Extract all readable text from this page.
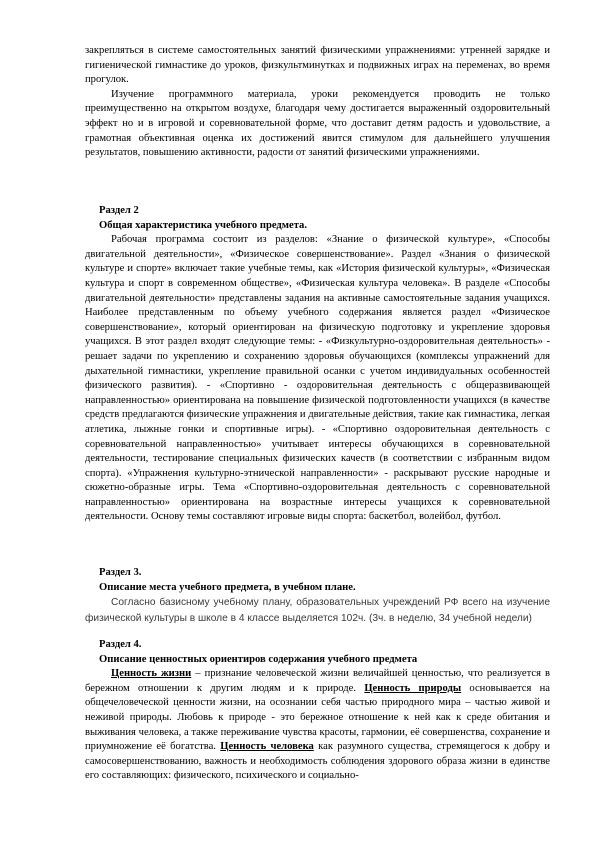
закрепляться в системе самостоятельных занятий физическими упражнениями: утренней зарядке и гигиенической гимнастике до уроков, физкультминутках и подвижных играх на переменах, во время прогулок.

Изучение программного материала, уроки рекомендуется проводить не только преимущественно на открытом воздухе, благодаря чему достигается выраженный оздоровительный эффект но и в игровой и соревновательной форме, что доставит детям радость и удовольствие, а грамотная объективная оценка их достижений явится стимулом для дальнейшего улучшения результатов, повышению активности, радости от занятий физическими упражнениями.

Раздел 2

Общая характеристика учебного предмета.

Рабочая программа состоит из разделов: «Знание о физической культуре», «Способы двигательной деятельности», «Физическое совершенствование». Раздел «Знания о физической культуре и спорте» включает такие учебные темы, как «История физической культуры», «Физическая культура и спорт в современном обществе», «Физическая культура человека». В разделе «Способы двигательной деятельности» представлены задания на активные самостоятельные задания учащихся. Наиболее представленным по объему учебного содержания является раздел «Физическое совершенствование», который ориентирован на физическую подготовку и укрепление здоровья учащихся. В этот раздел входят следующие темы: - «Физкультурно-оздоровительная деятельность» - решает задачи по укреплению и сохранению здоровья обучающихся (комплексы упражнений для дыхательной гимнастики, укрепление правильной осанки с учетом индивидуальных особенностей физического развития). - «Спортивно - оздоровительная деятельность с общеразвивающей направленностью» ориентирована на повышение физической подготовленности учащихся (в качестве средств предлагаются физические упражнения и двигательные действия, такие как гимнастика, легкая атлетика, лыжные гонки и спортивные игры). - «Спортивно оздоровительная деятельность с соревновательной направленностью» учитывает интересы обучающихся в соревновательной деятельности, тестирование специальных физических качеств (в соответствии с избранным видом спорта). «Упражнения культурно-этнической направленности» - раскрывают русские народные и сюжетно-образные игры. Тема «Спортивно-оздоровительная деятельность с соревновательной направленностью» ориентирована на возрастные интересы учащихся к соревновательной деятельности. Основу темы составляют игровые виды спорта: баскетбол, волейбол, футбол.

Раздел 3.

Описание места учебного предмета, в учебном плане.

Согласно базисному учебному плану, образовательных учреждений РФ всего на изучение физической культуры в школе в 4 классе выделяется 102ч. (3ч. в неделю, 34 учебной недели)

Раздел 4.

Описание ценностных ориентиров содержания учебного предмета

Ценность жизни – признание человеческой жизни величайшей ценностью, что реализуется в бережном отношении к другим людям и к природе. Ценность природы основывается на общечеловеческой ценности жизни, на осознании себя частью природного мира – частью живой и неживой природы. Любовь к природе - это бережное отношение к ней как к среде обитания и выживания человека, а также переживание чувства красоты, гармонии, её совершенства, сохранение и приумножение её богатства. Ценность человека как разумного существа, стремящегося к добру и самосовершенствованию, важность и необходимость соблюдения здорового образа жизни в единстве его составляющих: физического, психического и социально-
